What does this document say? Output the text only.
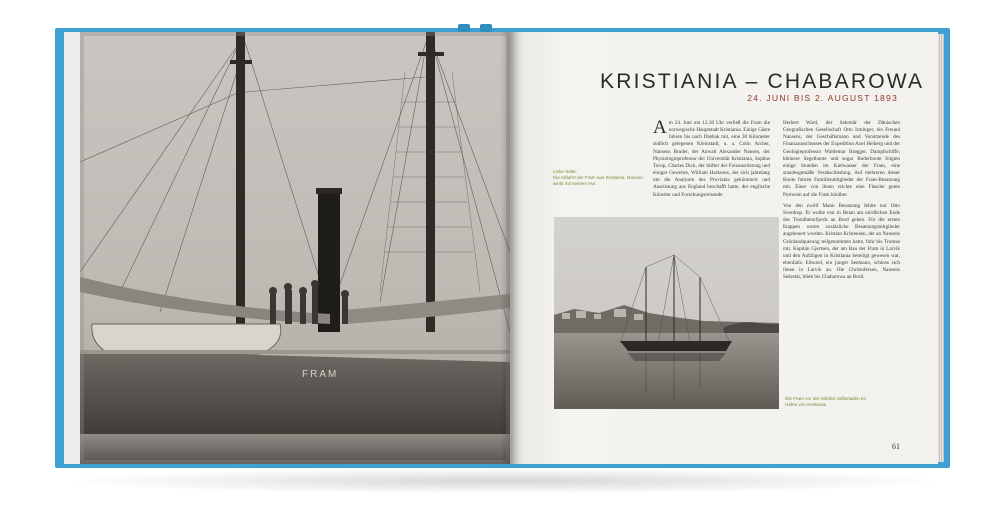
FRAM
KRISTIANIA – CHABAROWA
24. JUNI BIS 2. AUGUST 1893

Am 24. Juni um 12.30 Uhr verließ die Fram die norwegische Hauptstadt Kristiania. Einige Gäste fuhren bis nach Drøbak mit, eine 30 Kilometer südlich gelegenen Kleinstadt, u. a. Colin Archer, Nansens Bruder, der Anwalt Alexander Nansen, der Physiologieprofessor der Universität Kristiania, Sophus Torup, Charles Dick, der Stifter der Fotoausrüstung und einiger Gewehre, William Harkness, der sich jahrelang um die Analysen des Proviants gekümmert und Ausrüstung aus England beschafft hatte, der englische Künstler und Forschungsreisende

Herbert Ward, der Sekretär der Dänischen Geografischen Gesellschaft Otto Irminger, ein Freund Nansens, der Geschäftsmann und Vorsitzende des Finanzausschusses der Expedition Axel Heiberg und der Geologieprofessor Waldemar Brøgger. Dampfschiffe, kleinere Segelboote und sogar Ruderboote folgten einige Stunden im Kielwasser der Fram, eine standesgemäße Verabschiedung. Auf mehreren dieser Boote fuhren Familienmitglieder der Fram-Besatzung mit. Einer von ihnen reichte eine Flasche guten Portwein auf die Fram hinüber.

Von den zwölf Mann Besatzung fehlte nur Otto Sverdrup. Er wollte erst in Beian am nördlichen Ende des Trondheimfjords an Bord gehen. Für die ersten Etappen waren zusätzliche Besatzungsmitglieder angeheuert worden. Kristian Kristensen, der an Nansens Grönlandquerung teilgenommen hatte, fuhr bis Tromsø mit. Kapitän Gjertsen, der am Bau der Fram in Larvik und den Aufzügen in Kristiania beteiligt gewesen war, ebenfalls. Edward, ein junger Seemann, schloss sich ihnen in Larvik an. Ole Christofersen, Nansens Sekretär, blieb bis Chabarowa an Bord.

Linke Seite:
Die Abfahrt der Fram aus Kristiania. Nansen winkt mit seinem Hut
Die Fram vor der Abfahrt vollbeladen im Hafen von Kristiania
61
